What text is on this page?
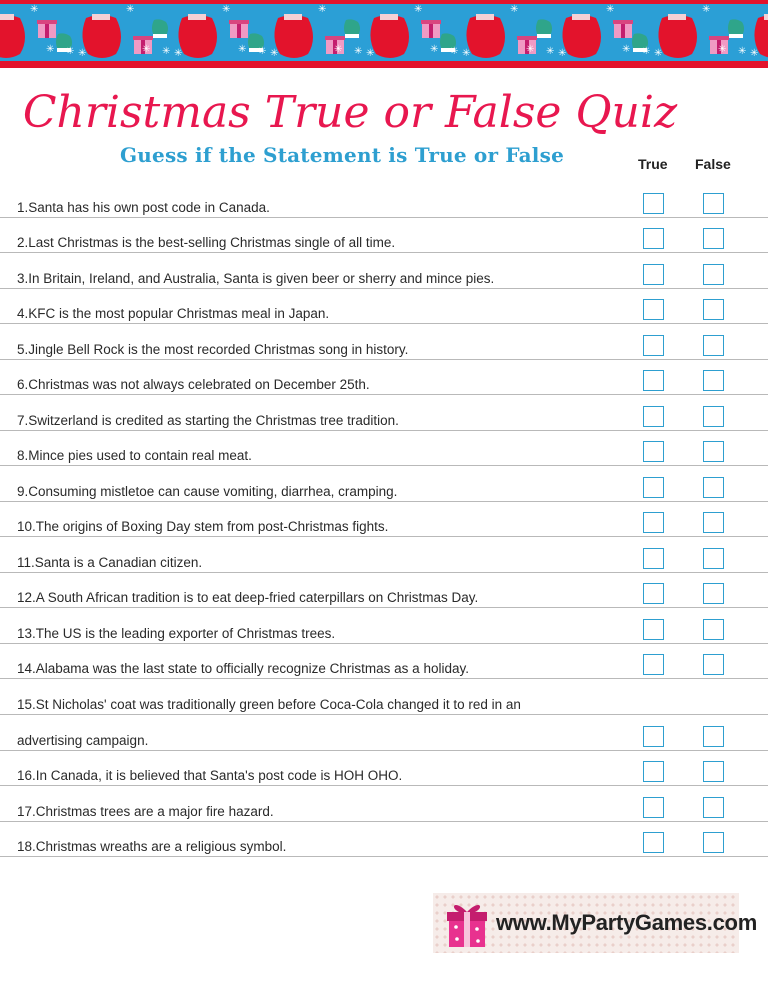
✳
✳
✳
✳
✳
✳	✳
✳
✳
✳	✳
✳
✳
✳	✳
✳
✳
✳	✳
✳
✳
✳	✳
✳
✳
✳	✳
✳
✳
✳	✳ ✳
Christmas True or False Quiz
Guess if the Statement is True or False	True False
1.Santa has his own post code in Canada.
2.Last Christmas is the best-selling Christmas single of all time.
3.In Britain, Ireland, and Australia, Santa is given beer or sherry and mince pies.
4.KFC is the most popular Christmas meal in Japan.
5.Jingle Bell Rock is the most recorded Christmas song in history.
6.Christmas was not always celebrated on December 25th.
7.Switzerland is credited as starting the Christmas tree tradition.
8.Mince pies used to contain real meat.
9.Consuming mistletoe can cause vomiting, diarrhea, cramping.
10.The origins of Boxing Day stem from post-Christmas fights.
11.Santa is a Canadian citizen.
12.A South African tradition is to eat deep-fried caterpillars on Christmas Day.
13.The US is the leading exporter of Christmas trees.
14.Alabama was the last state to officially recognize Christmas as a holiday.
15.St Nicholas' coat was traditionally green before Coca-Cola changed it to red in an
advertising campaign.
16.In Canada, it is believed that Santa's post code is HOH OHO.
17.Christmas trees are a major fire hazard.
18.Christmas wreaths are a religious symbol.
www.MyPartyGames.com
